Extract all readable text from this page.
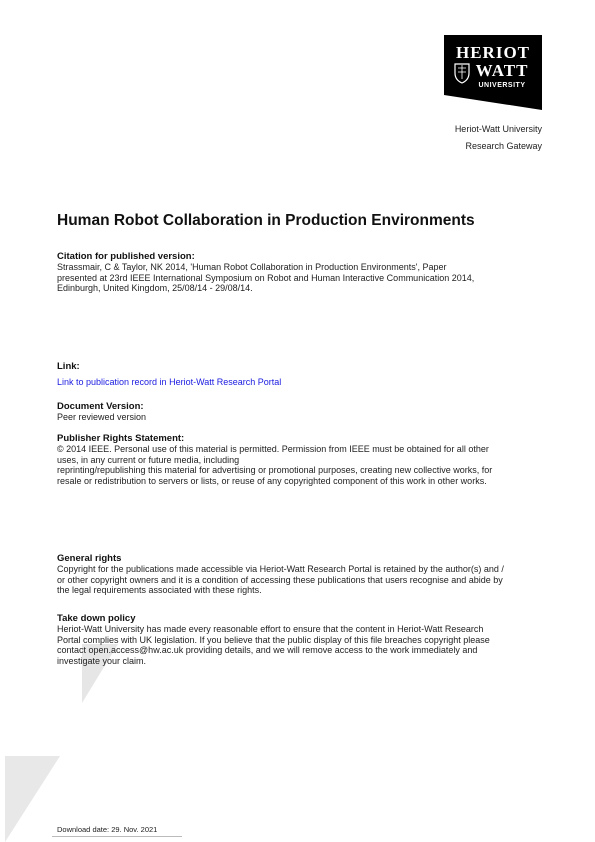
HERIOT
WATT
UNIVERSITY
Heriot-Watt University
Research Gateway
Human Robot Collaboration in Production Environments
Citation for published version:
Strassmair, C & Taylor, NK 2014, 'Human Robot Collaboration in Production Environments', Paper
presented at 23rd IEEE International Symposium on Robot and Human Interactive Communication 2014,
Edinburgh, United Kingdom, 25/08/14 - 29/08/14.
Link:
Link to publication record in Heriot-Watt Research Portal
Document Version:
Peer reviewed version
Publisher Rights Statement:
© 2014 IEEE. Personal use of this material is permitted. Permission from IEEE must be obtained for all other
uses, in any current or future media, including
reprinting/republishing this material for advertising or promotional purposes, creating new collective works, for
resale or redistribution to servers or lists, or reuse of any copyrighted component of this work in other works.
General rights
Copyright for the publications made accessible via Heriot-Watt Research Portal is retained by the author(s) and /
or other copyright owners and it is a condition of accessing these publications that users recognise and abide by
the legal requirements associated with these rights.
Take down policy
Heriot-Watt University has made every reasonable effort to ensure that the content in Heriot-Watt Research
Portal complies with UK legislation. If you believe that the public display of this file breaches copyright please
contact open.access@hw.ac.uk providing details, and we will remove access to the work immediately and
investigate your claim.
Download date: 29. Nov. 2021
